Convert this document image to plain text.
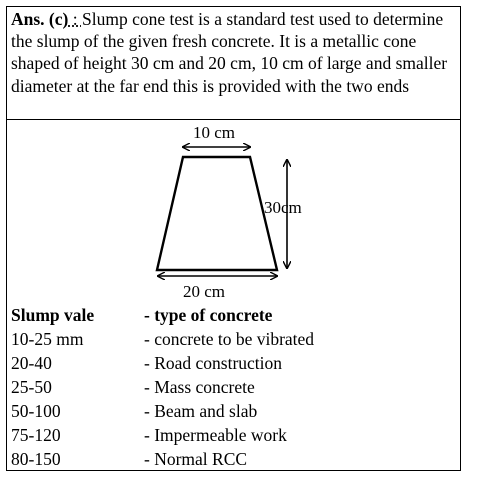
Ans. (c) : Slump cone test is a standard test used to determine the slump of the given fresh concrete. It is a metallic cone shaped of height 30 cm and 20 cm, 10 cm of large and smaller diameter at the far end this is provided with the two ends
10 cm
30cm
20 cm
Slump vale	- type of concrete
10-25 mm	- concrete to be vibrated
20-40	- Road construction
25-50	- Mass concrete
50-100	- Beam and slab
75-120	- Impermeable work
80-150	- Normal RCC
